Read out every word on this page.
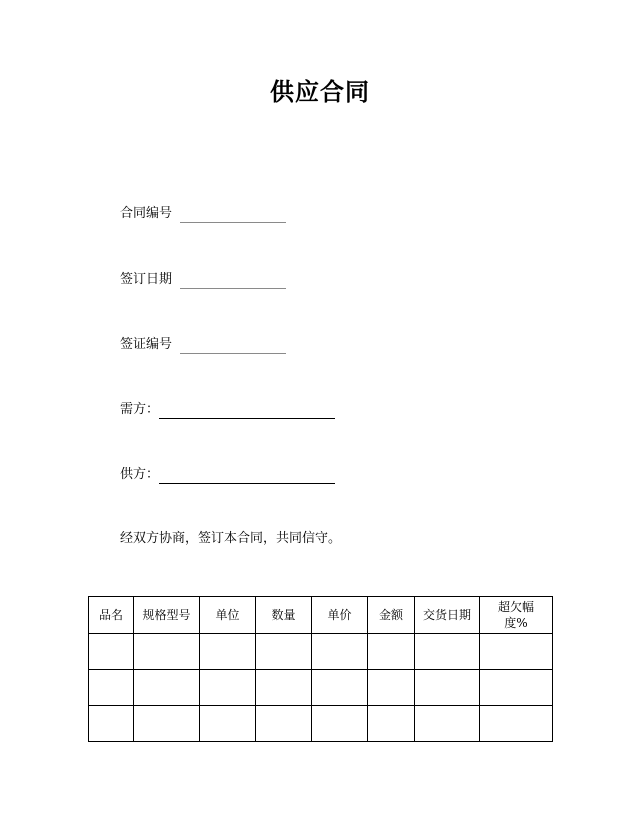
供应合同
合同编号
签订日期
签证编号
需方：
供方：
经双方协商，签订本合同，共同信守。
品名	规格型号	单位	数量	单价	金额	交货日期	超欠幅度%
